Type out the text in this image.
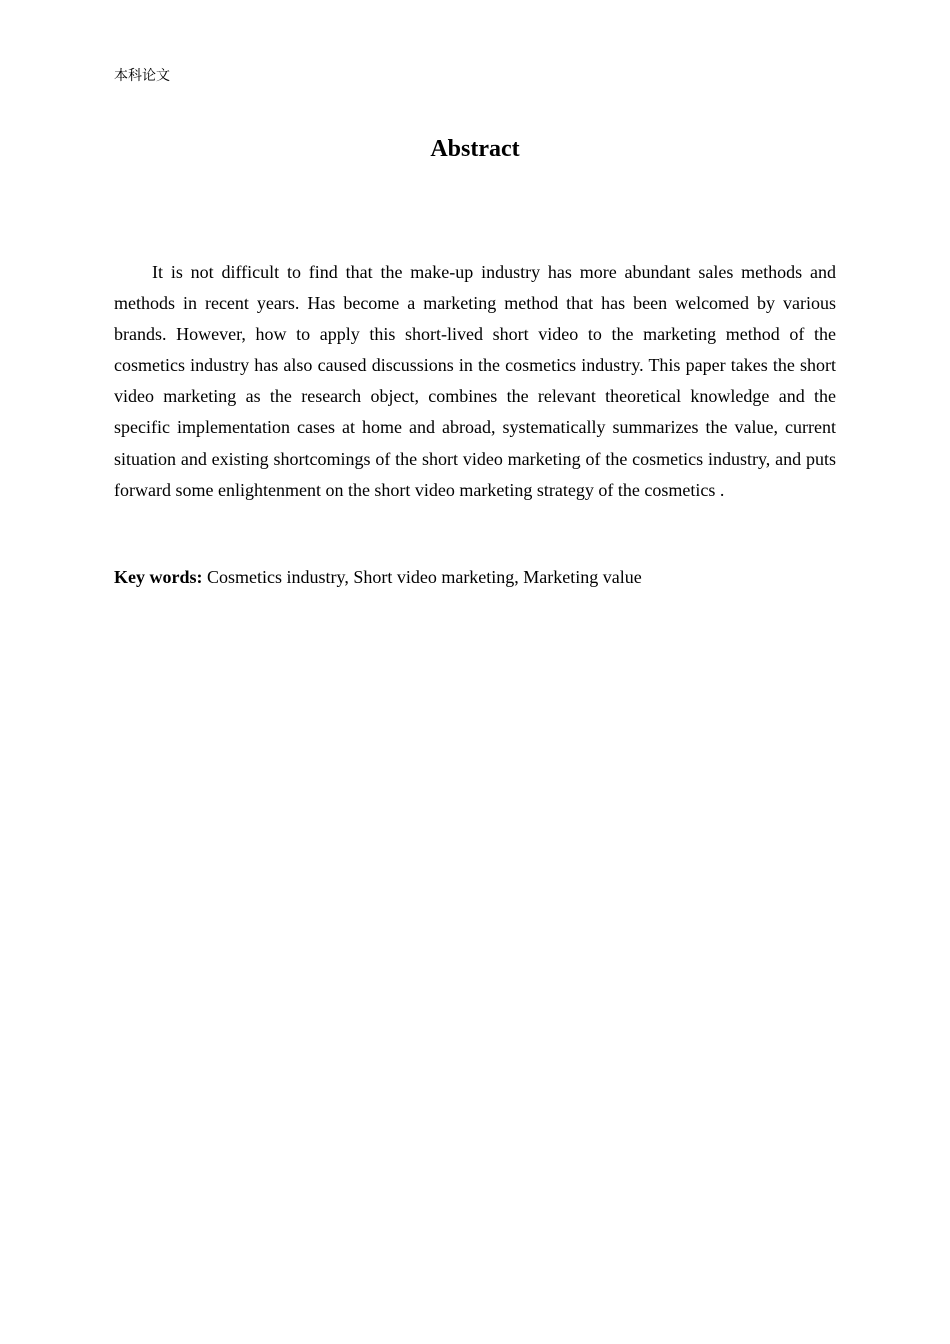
本科论文
Abstract

It is not difficult to find that the make-up industry has more abundant sales methods and methods in recent years. Has become a marketing method that has been welcomed by various brands. However, how to apply this short-lived short video to the marketing method of the cosmetics industry has also caused discussions in the cosmetics industry. This paper takes the short video marketing as the research object, combines the relevant theoretical knowledge and the specific implementation cases at home and abroad, systematically summarizes the value, current situation and existing shortcomings of the short video marketing of the cosmetics industry, and puts forward some enlightenment on the short video marketing strategy of the cosmetics .

Key words: Cosmetics industry, Short video marketing, Marketing value
